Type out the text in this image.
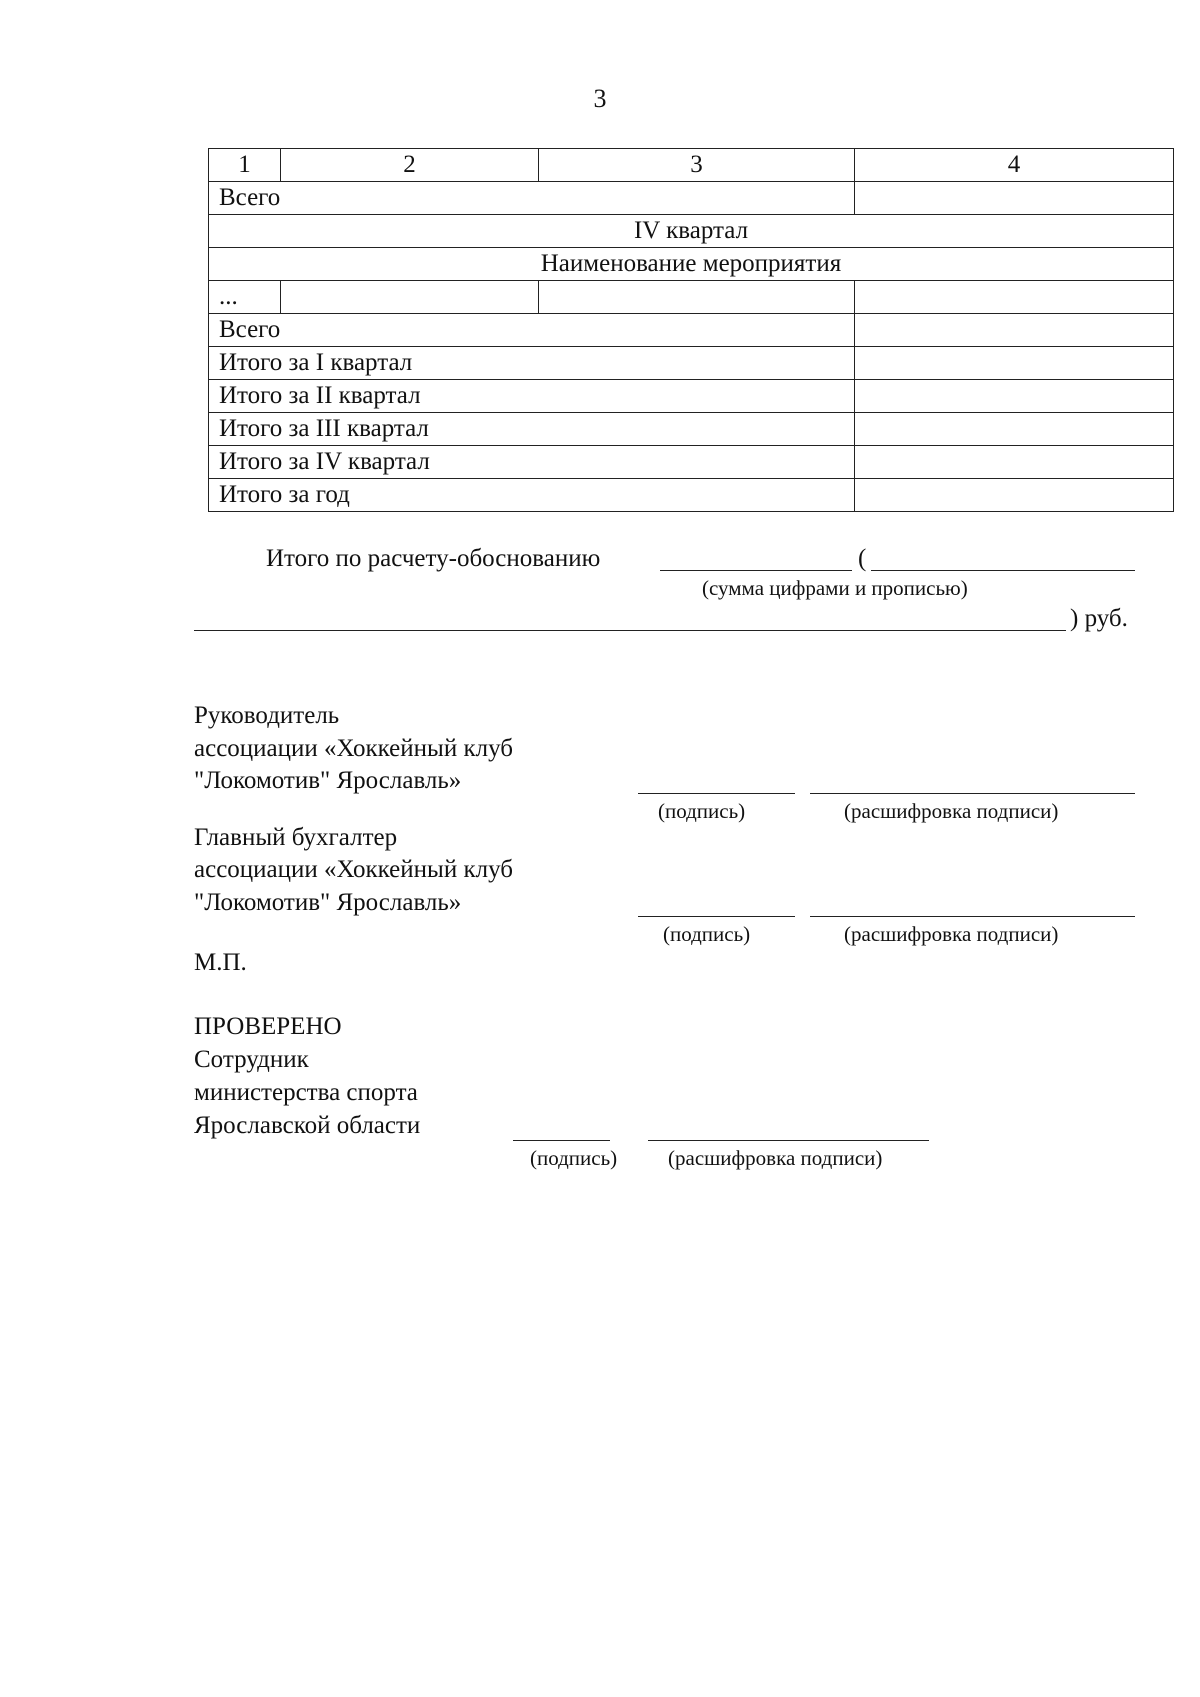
3
1	2	3	4
Всего			
IV квартал			
Наименование мероприятия			
...			
Всего			
Итого за I квартал			
Итого за II квартал			
Итого за III квартал			
Итого за IV квартал			
Итого за год			
Итого по расчету-обоснованию	(
(сумма цифрами и прописью)
) руб.
Руководитель
ассоциации «Хоккейный клуб
"Локомотив" Ярославль»
(подпись)	(расшифровка подписи)
Главный бухгалтер
ассоциации «Хоккейный клуб
"Локомотив" Ярославль»
(подпись)	(расшифровка подписи)
М.П.
ПРОВЕРЕНО
Сотрудник
министерства спорта
Ярославской области
(подпись) (расшифровка подписи)
